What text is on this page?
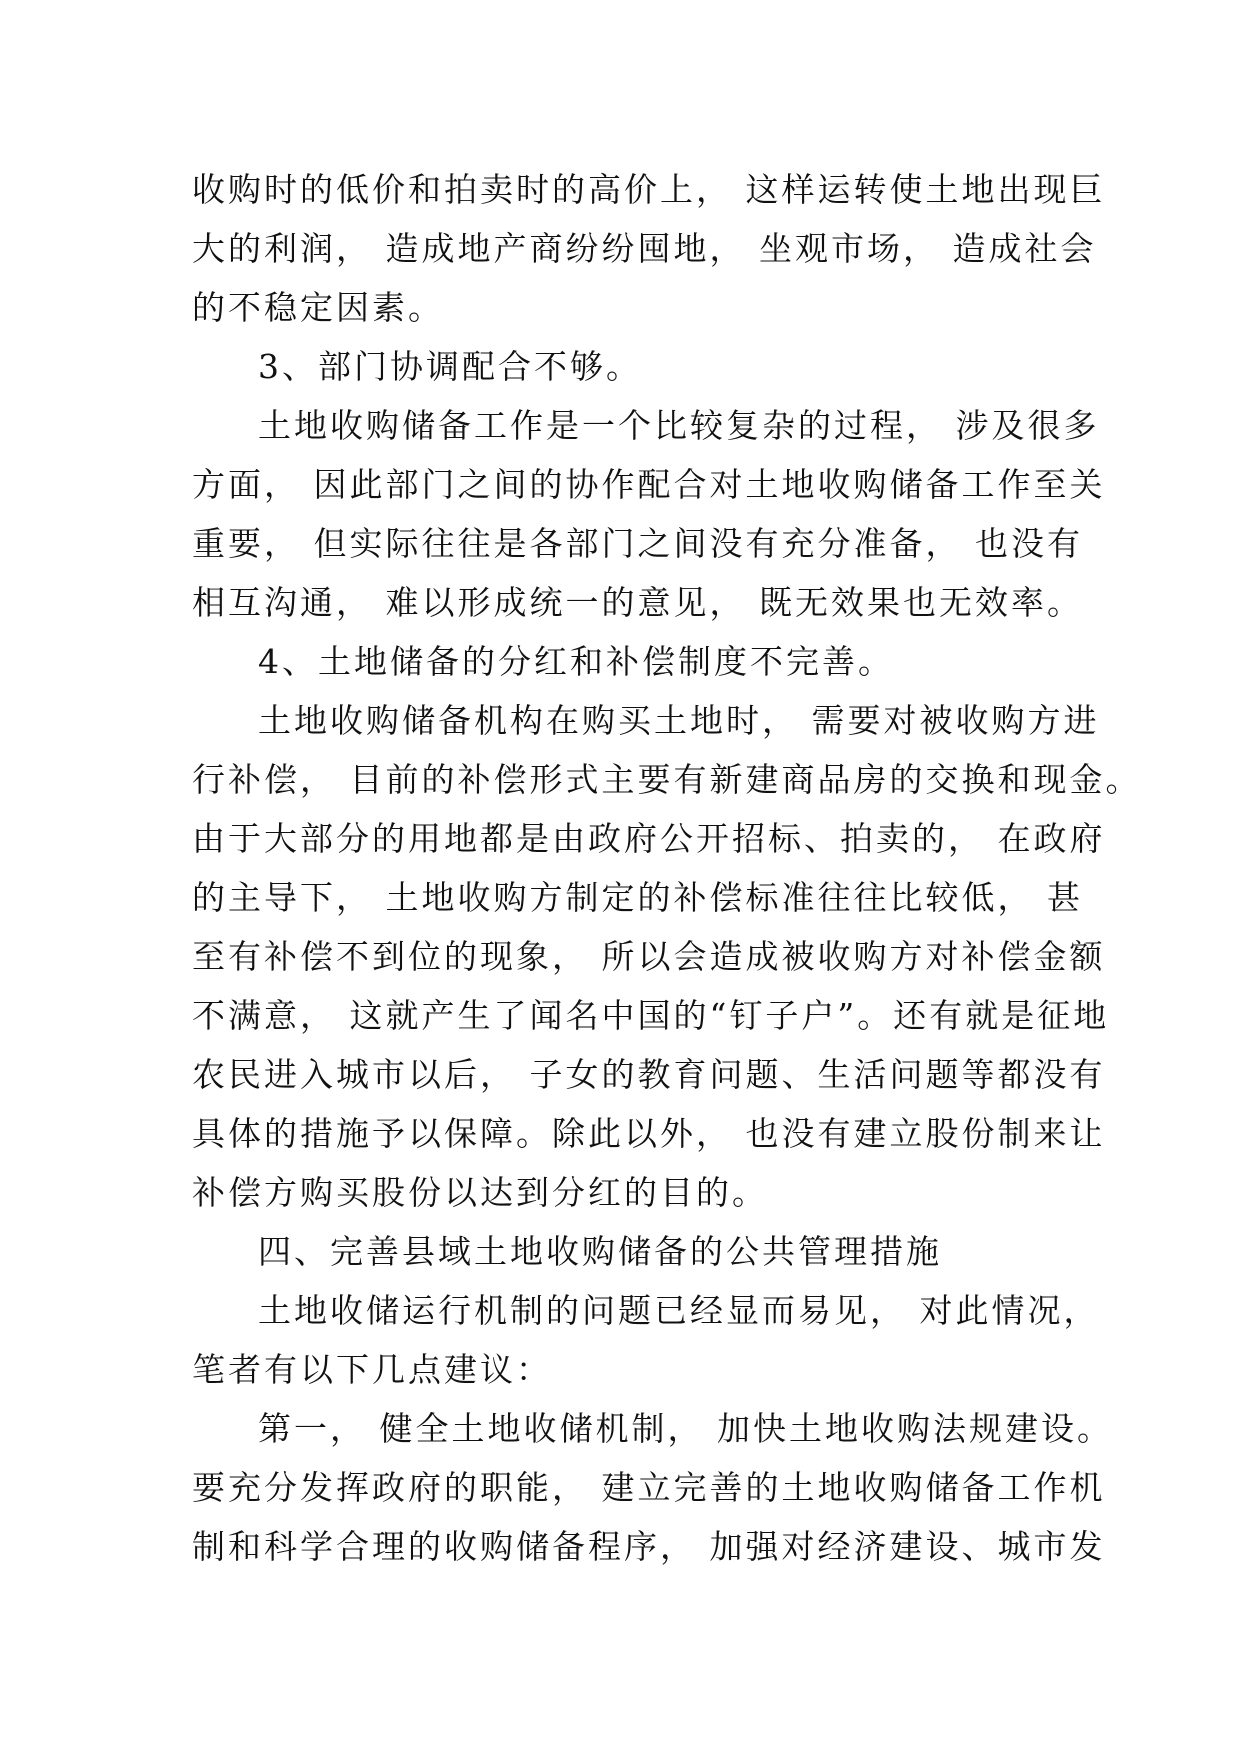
收购时的低价和拍卖时的高价上， 这样运转使土地出现巨
大的利润， 造成地产商纷纷囤地， 坐观市场， 造成社会
的不稳定因素。
3、部门协调配合不够。
土地收购储备工作是一个比较复杂的过程， 涉及很多
方面， 因此部门之间的协作配合对土地收购储备工作至关
重要， 但实际往往是各部门之间没有充分准备， 也没有
相互沟通， 难以形成统一的意见， 既无效果也无效率。
4、土地储备的分红和补偿制度不完善。
土地收购储备机构在购买土地时， 需要对被收购方进
行补偿， 目前的补偿形式主要有新建商品房的交换和现金。
由于大部分的用地都是由政府公开招标、拍卖的， 在政府
的主导下， 土地收购方制定的补偿标准往往比较低， 甚
至有补偿不到位的现象， 所以会造成被收购方对补偿金额
不满意， 这就产生了闻名中国的“钉子户”。还有就是征地
农民进入城市以后， 子女的教育问题、生活问题等都没有
具体的措施予以保障。除此以外， 也没有建立股份制来让
补偿方购买股份以达到分红的目的。
四、完善县域土地收购储备的公共管理措施
土地收储运行机制的问题已经显而易见， 对此情况，
笔者有以下几点建议：
第一， 健全土地收储机制， 加快土地收购法规建设。
要充分发挥政府的职能， 建立完善的土地收购储备工作机
制和科学合理的收购储备程序， 加强对经济建设、城市发
